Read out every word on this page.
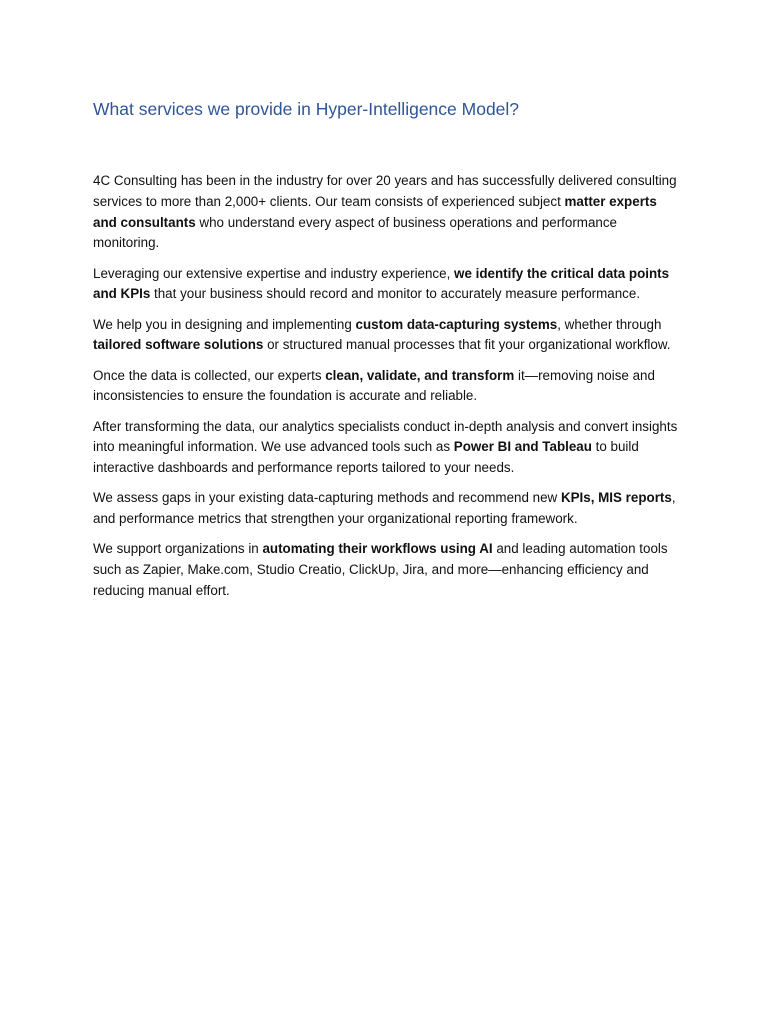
What services we provide in Hyper-Intelligence Model?

4C Consulting has been in the industry for over 20 years and has successfully delivered consulting services to more than 2,000+ clients. Our team consists of experienced subject matter experts and consultants who understand every aspect of business operations and performance monitoring.

Leveraging our extensive expertise and industry experience, we identify the critical data points and KPIs that your business should record and monitor to accurately measure performance.

We help you in designing and implementing custom data-capturing systems, whether through tailored software solutions or structured manual processes that fit your organizational workflow.

Once the data is collected, our experts clean, validate, and transform it—removing noise and inconsistencies to ensure the foundation is accurate and reliable.

After transforming the data, our analytics specialists conduct in-depth analysis and convert insights into meaningful information. We use advanced tools such as Power BI and Tableau to build interactive dashboards and performance reports tailored to your needs.

We assess gaps in your existing data-capturing methods and recommend new KPIs, MIS reports, and performance metrics that strengthen your organizational reporting framework.

We support organizations in automating their workflows using AI and leading automation tools such as Zapier, Make.com, Studio Creatio, ClickUp, Jira, and more—enhancing efficiency and reducing manual effort.
